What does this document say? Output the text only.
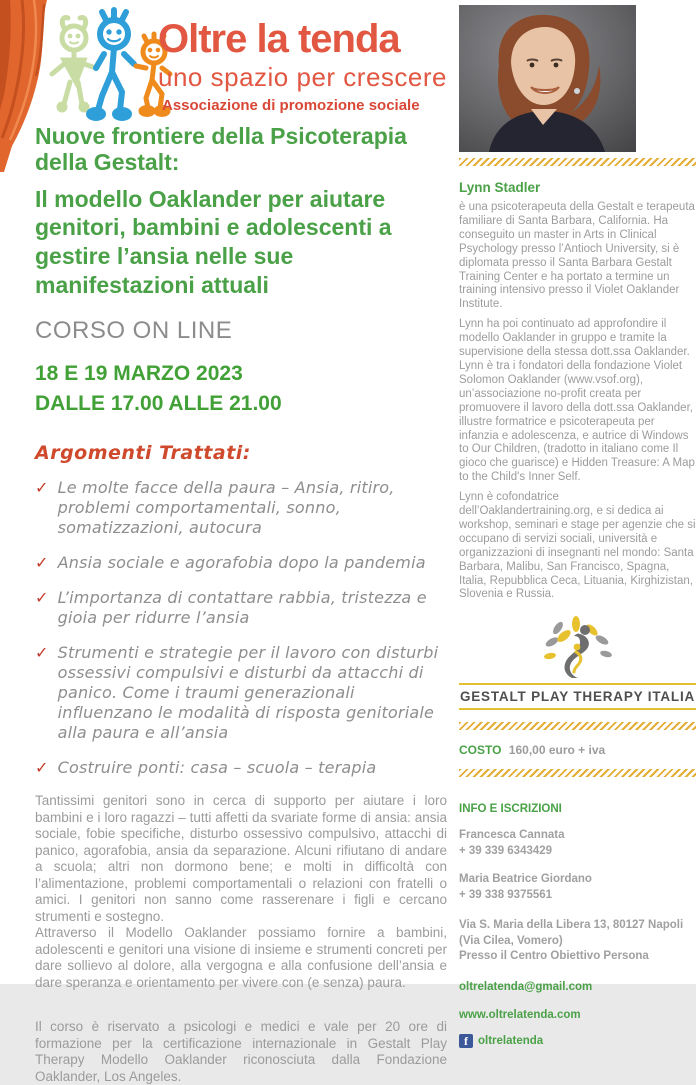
Oltre la tenda
uno spazio per crescere
Associazione di promozione sociale
Nuove frontiere della Psicoterapia della Gestalt:
Il modello Oaklander per aiutare genitori, bambini e adolescenti a gestire l’ansia nelle sue manifestazioni attuali
CORSO ON LINE
18 E 19 MARZO 2023
DALLE 17.00 ALLE 21.00
Argomenti Trattati:
✓ Le molte facce della paura – Ansia, ritiro, problemi comportamentali, sonno, somatizzazioni, autocura
✓ Ansia sociale e agorafobia dopo la pandemia
✓ L’importanza di contattare rabbia, tristezza e gioia per ridurre l’ansia
✓ Strumenti e strategie per il lavoro con disturbi ossessivi compulsivi e disturbi da attacchi di panico. Come i traumi generazionali influenzano le modalità di risposta genitoriale alla paura e all’ansia
✓ Costruire ponti: casa – scuola – terapia

Tantissimi genitori sono in cerca di supporto per aiutare i loro bambini e i loro ragazzi – tutti affetti da svariate forme di ansia: ansia sociale, fobie specifiche, disturbo ossessivo compulsivo, attacchi di panico, agorafobia, ansia da separazione. Alcuni rifiutano di andare a scuola; altri non dormono bene; e molti in difficoltà con l’alimentazione, problemi comportamentali o relazioni con fratelli o amici. I genitori non sanno come rasserenare i figli e cercano strumenti e sostegno.

Attraverso il Modello Oaklander possiamo fornire a bambini, adolescenti e genitori una visione di insieme e strumenti concreti per dare sollievo al dolore, alla vergogna e alla confusione dell’ansia e dare speranza e orientamento per vivere con (e senza) paura.

Il corso è riservato a psicologi e medici e vale per 20 ore di formazione per la certificazione internazionale in Gestalt Play Therapy Modello Oaklander riconosciuta dalla Fondazione Oaklander, Los Angeles.

Lynn Stadler

è una psicoterapeuta della Gestalt e terapeuta familiare di Santa Barbara, California. Ha conseguito un master in Arts in Clinical Psychology presso l’Antioch University, si è diplomata presso il Santa Barbara Gestalt Training Center e ha portato a termine un training intensivo presso il Violet Oaklander Institute.

Lynn ha poi continuato ad approfondire il modello Oaklander in gruppo e tramite la supervisione della stessa dott.ssa Oaklander. Lynn è tra i fondatori della fondazione Violet Solomon Oaklander (www.vsof.org), un’associazione no-profit creata per promuovere il lavoro della dott.ssa Oaklander, illustre formatrice e psicoterapeuta per infanzia e adolescenza, e autrice di Windows to Our Children, (tradotto in italiano come Il gioco che guarisce) e Hidden Treasure: A Map to the Child's Inner Self.

Lynn è cofondatrice dell’Oaklandertraining.org, e si dedica ai workshop, seminari e stage per agenzie che si occupano di servizi sociali, università e organizzazioni di insegnanti nel mondo: Santa Barbara, Malibu, San Francisco, Spagna, Italia, Repubblica Ceca, Lituania, Kirghizistan, Slovenia e Russia.

GESTALT PLAY THERAPY ITALIA
COSTO 160,00 euro + iva
INFO E ISCRIZIONI
Francesca Cannata
+ 39 339 6343429
Maria Beatrice Giordano
+ 39 338 9375561
Via S. Maria della Libera 13, 80127 Napoli
(Via Cilea, Vomero)
Presso il Centro Obiettivo Persona
oltrelatenda@gmail.com
www.oltrelatenda.com
f oltrelatenda
